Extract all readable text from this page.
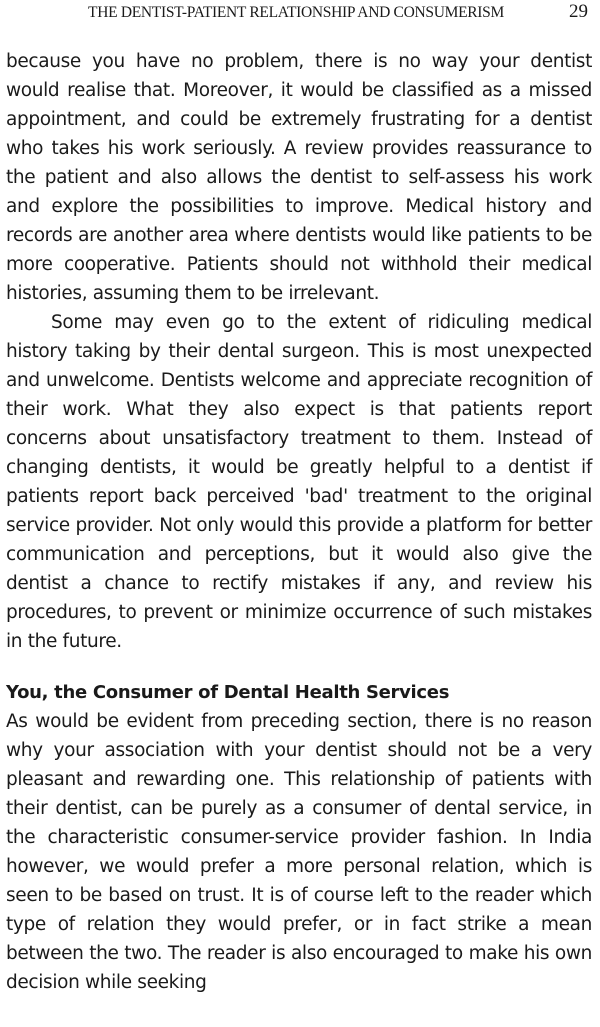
THE DENTIST-PATIENT RELATIONSHIP AND CONSUMERISM	29

because you have no problem, there is no way your dentist would realise that. Moreover, it would be classified as a missed appointment, and could be extremely frustrating for a dentist who takes his work seriously. A review provides reassurance to the patient and also allows the dentist to self-assess his work and explore the possibilities to improve. Medical history and records are another area where dentists would like patients to be more cooperative. Patients should not withhold their medical histories, assuming them to be irrelevant.

Some may even go to the extent of ridiculing medical history taking by their dental surgeon. This is most unexpected and unwelcome. Dentists welcome and appreciate recognition of their work. What they also expect is that patients report concerns about unsatisfactory treatment to them. Instead of changing dentists, it would be greatly helpful to a dentist if patients report back perceived 'bad' treatment to the original service provider. Not only would this provide a platform for better communication and perceptions, but it would also give the dentist a chance to rectify mistakes if any, and review his procedures, to prevent or minimize occurrence of such mistakes in the future.

You, the Consumer of Dental Health Services

As would be evident from preceding section, there is no reason why your association with your dentist should not be a very pleasant and rewarding one. This relationship of patients with their dentist, can be purely as a consumer of dental service, in the characteristic consumer-service provider fashion. In India however, we would prefer a more personal relation, which is seen to be based on trust. It is of course left to the reader which type of relation they would prefer, or in fact strike a mean between the two. The reader is also encouraged to make his own decision while seeking
